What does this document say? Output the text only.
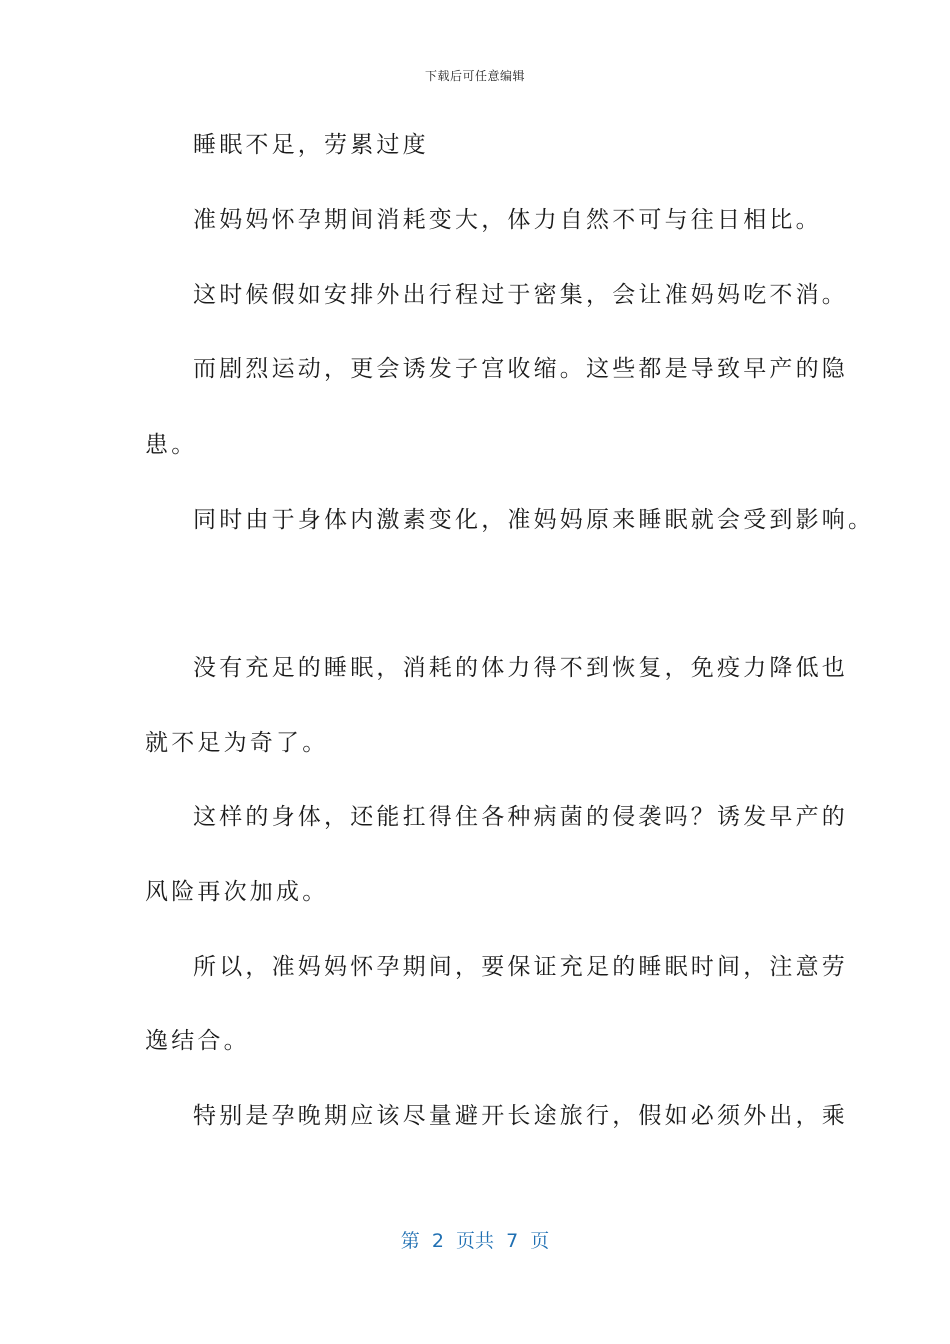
下载后可任意编辑
睡眠不足，劳累过度
准妈妈怀孕期间消耗变大，体力自然不可与往日相比。
这时候假如安排外出行程过于密集，会让准妈妈吃不消。
而剧烈运动，更会诱发子宫收缩。这些都是导致早产的隐
患。
同时由于身体内激素变化，准妈妈原来睡眠就会受到影响。
没有充足的睡眠，消耗的体力得不到恢复，免疫力降低也
就不足为奇了。
这样的身体，还能扛得住各种病菌的侵袭吗？诱发早产的
风险再次加成。
所以，准妈妈怀孕期间，要保证充足的睡眠时间，注意劳
逸结合。
特别是孕晚期应该尽量避开长途旅行，假如必须外出，乘
第  2  页共  7  页
